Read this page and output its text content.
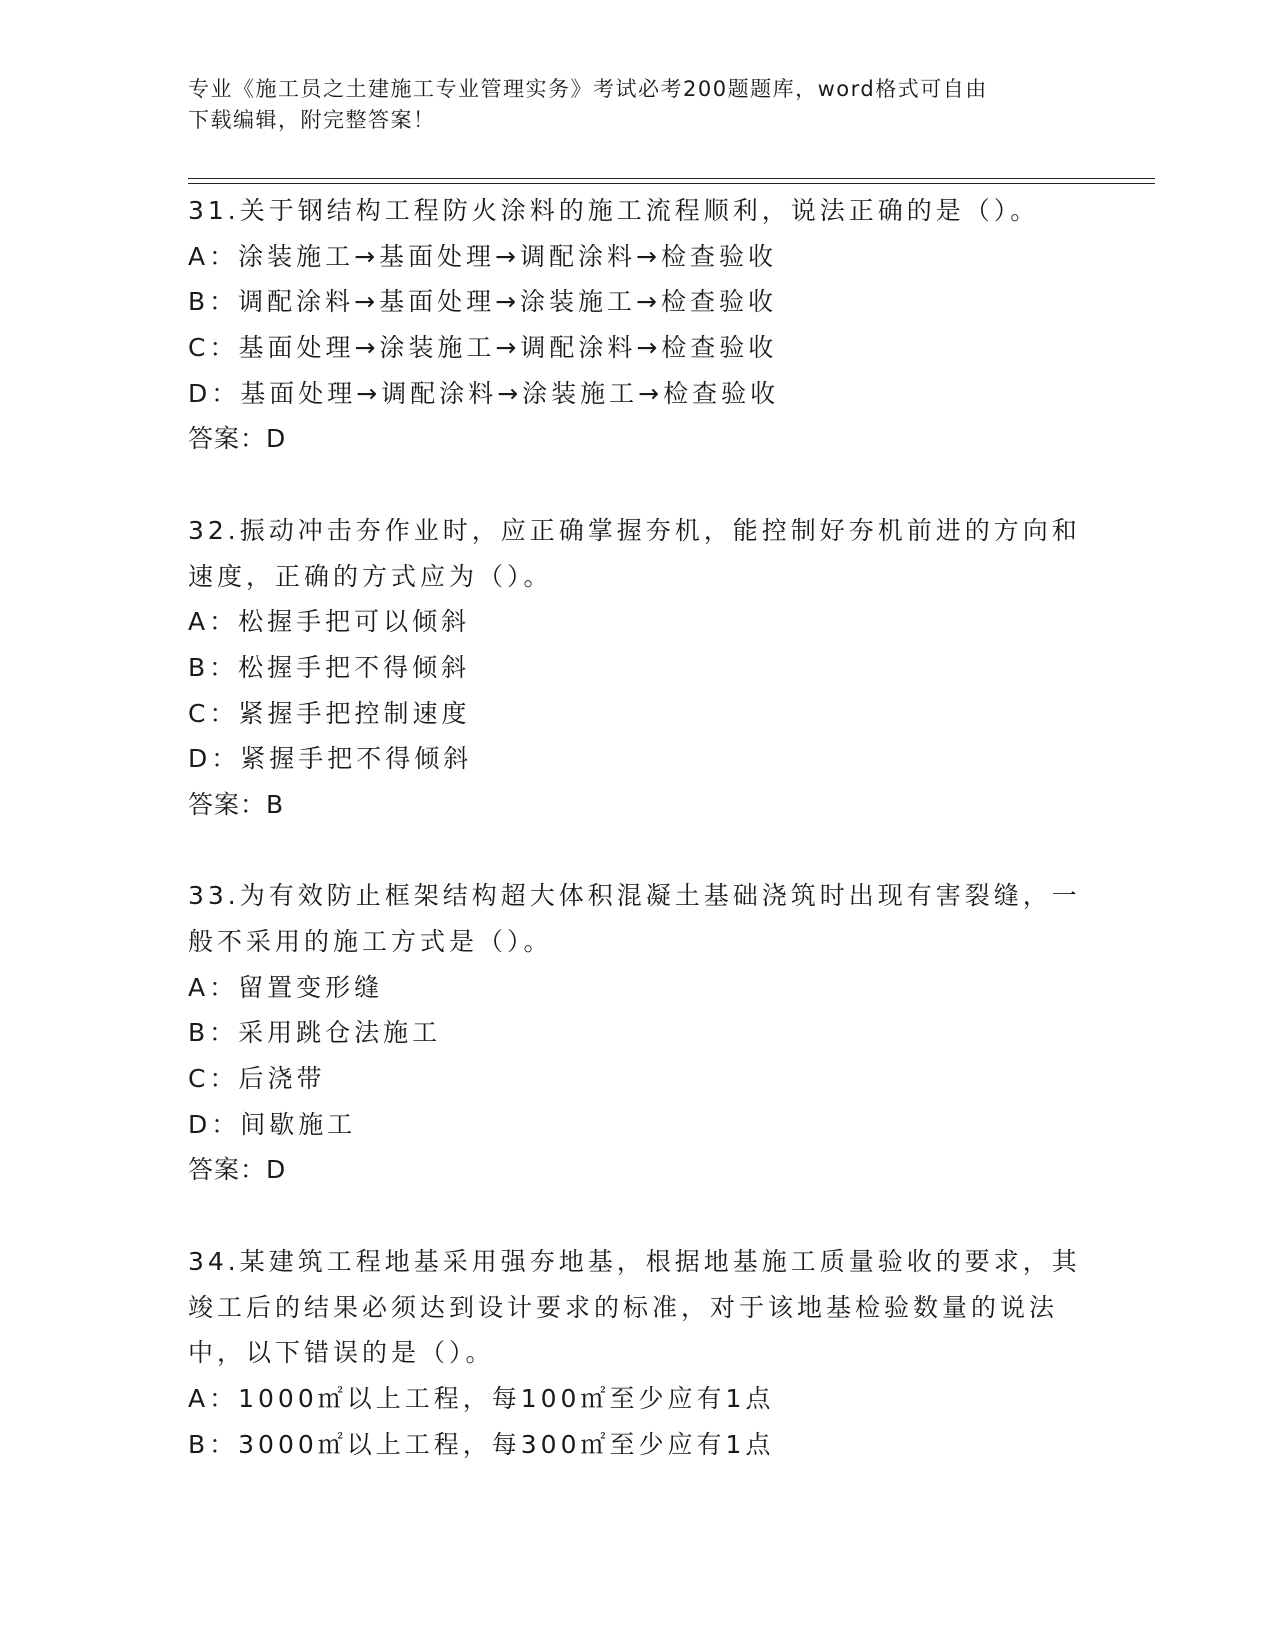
专业《施工员之土建施工专业管理实务》考试必考200题题库，word格式可自由
下载编辑，附完整答案！
31.关于钢结构工程防火涂料的施工流程顺利，说法正确的是（）。
A：涂装施工→基面处理→调配涂料→检查验收
B：调配涂料→基面处理→涂装施工→检查验收
C：基面处理→涂装施工→调配涂料→检查验收
D：基面处理→调配涂料→涂装施工→检查验收
答案：D
32.振动冲击夯作业时，应正确掌握夯机，能控制好夯机前进的方向和
速度，正确的方式应为（）。
A：松握手把可以倾斜
B：松握手把不得倾斜
C：紧握手把控制速度
D：紧握手把不得倾斜
答案：B
33.为有效防止框架结构超大体积混凝土基础浇筑时出现有害裂缝，一
般不采用的施工方式是（）。
A：留置变形缝
B：采用跳仓法施工
C：后浇带
D：间歇施工
答案：D
34.某建筑工程地基采用强夯地基，根据地基施工质量验收的要求，其
竣工后的结果必须达到设计要求的标准，对于该地基检验数量的说法
中，以下错误的是（）。
A：1000㎡以上工程，每100㎡至少应有1点
B：3000㎡以上工程，每300㎡至少应有1点
